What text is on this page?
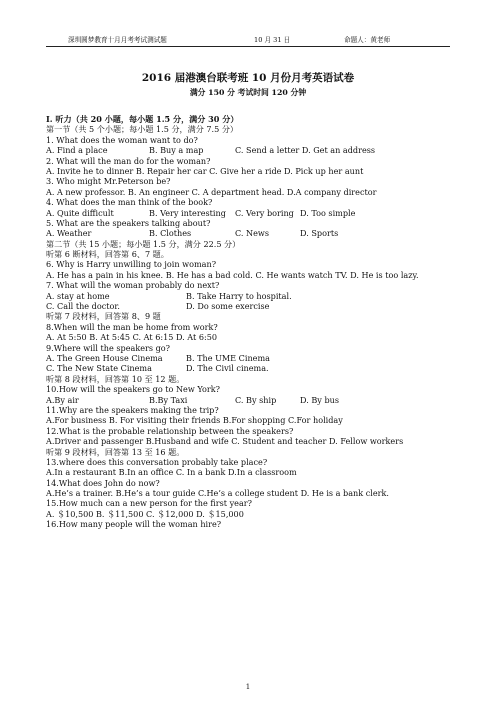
深圳圆梦教育十月月考考试测试题	10 月 31 日	命题人：黄老师
2016 届港澳台联考班 10 月份月考英语试卷
满分 150 分 考试时间 120 分钟
I. 听力（共 20 小题，每小题 1.5 分，满分 30 分）
第一节（共 5 个小题；每小题 1.5 分，满分 7.5 分）
1. What does the woman want to do?
A. Find a place	B. Buy a map	C. Send a letter D. Get an address
2. What will the man do for the woman?
A. Invite he to dinner B. Repair her car C. Give her a ride D. Pick up her aunt
3. Who might Mr.Peterson be?
A. A new professor. B. An engineer C. A department head. D.A company director
4. What does the man think of the book?
A. Quite difficult	B. Very interesting C. Very boring D. Too simple
5. What are the speakers talking about?
A. Weather	B. Clothes	C. News	D. Sports
第二节（共 15 小题；每小题 1.5 分，满分 22.5 分）
听第 6 断材料，回答第 6、7 题。
6. Why is Harry unwilling to join woman?
A. He has a pain in his knee. B. He has a bad cold. C. He wants watch TV. D. He is too lazy.
7. What will the woman probably do next?
A. stay at home	B. Take Harry to hospital.
C. Call the doctor.	D. Do some exercise
听第 7 段材料，回答第 8、9 题
8.When will the man be home from work?
A. At 5:50 B. At 5:45 C. At 6:15 D. At 6:50
9.Where will the speakers go?
A. The Green House Cinema	B. The UME Cinema
C. The New State Cinema	D. The Civil cinema.
听第 8 段材料，回答第 10 至 12 题。
10.How will the speakers go to New York?
A.By air	B.By Taxi	C. By ship	D. By bus
11.Why are the speakers making the trip?
A.For business B. For visiting their friends B.For shopping C.For holiday
12.What is the probable relationship between the speakers?
A.Driver and passenger B.Husband and wife C. Student and teacher D. Fellow workers
听第 9 段材料，回答第 13 至 16 题。
13.where does this conversation probably take place?
A.In a restaurant B.In an office C. In a bank D.In a classroom
14.What does John do now?
A.He’s a trainer. B.He’s a tour guide C.He’s a college student D. He is a bank clerk.
15.How much can a new person for the first year?
A. ＄10,500 B. ＄11,500 C. ＄12,000 D. ＄15,000
16.How many people will the woman hire?
1
